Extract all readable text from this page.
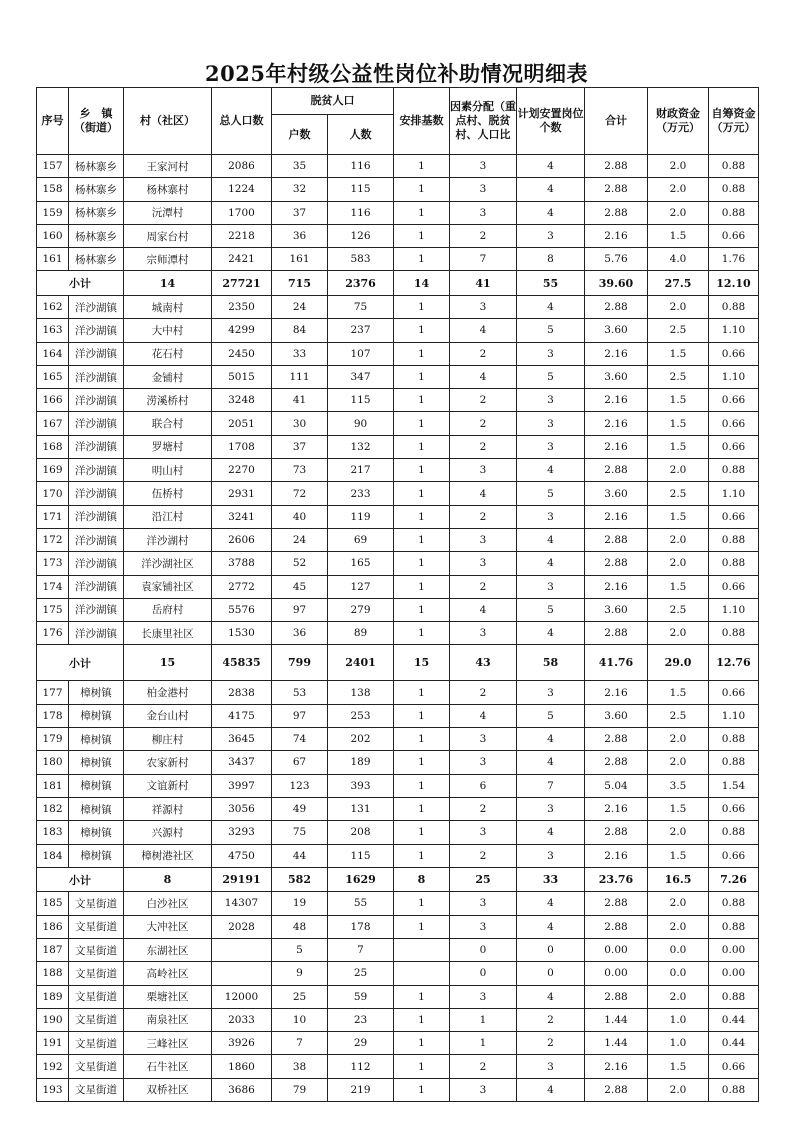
2025年村级公益性岗位补助情况明细表
序号	乡　镇（街道）	村（社区）	总人口数	脱贫人口		安排基数	因素分配（重点村、脱贫村、人口比	计划安置岗位个数	合计	财政资金（万元）	自筹资金（万元）
				户数	人数						
157	杨林寨乡	王家河村	2086	35	116	1	3	4	2.88	2.0	0.88
158	杨林寨乡	杨林寨村	1224	32	115	1	3	4	2.88	2.0	0.88
159	杨林寨乡	沅潭村	1700	37	116	1	3	4	2.88	2.0	0.88
160	杨林寨乡	周家台村	2218	36	126	1	2	3	2.16	1.5	0.66
161	杨林寨乡	宗师潭村	2421	161	583	1	7	8	5.76	4.0	1.76
小计		14	27721	715	2376	14	41	55	39.60	27.5	12.10
162	洋沙湖镇	城南村	2350	24	75	1	3	4	2.88	2.0	0.88
163	洋沙湖镇	大中村	4299	84	237	1	4	5	3.60	2.5	1.10
164	洋沙湖镇	花石村	2450	33	107	1	2	3	2.16	1.5	0.66
165	洋沙湖镇	金铺村	5015	111	347	1	4	5	3.60	2.5	1.10
166	洋沙湖镇	涝溪桥村	3248	41	115	1	2	3	2.16	1.5	0.66
167	洋沙湖镇	联合村	2051	30	90	1	2	3	2.16	1.5	0.66
168	洋沙湖镇	罗塘村	1708	37	132	1	2	3	2.16	1.5	0.66
169	洋沙湖镇	明山村	2270	73	217	1	3	4	2.88	2.0	0.88
170	洋沙湖镇	伍桥村	2931	72	233	1	4	5	3.60	2.5	1.10
171	洋沙湖镇	沿江村	3241	40	119	1	2	3	2.16	1.5	0.66
172	洋沙湖镇	洋沙湖村	2606	24	69	1	3	4	2.88	2.0	0.88
173	洋沙湖镇	洋沙湖社区	3788	52	165	1	3	4	2.88	2.0	0.88
174	洋沙湖镇	袁家铺社区	2772	45	127	1	2	3	2.16	1.5	0.66
175	洋沙湖镇	岳府村	5576	97	279	1	4	5	3.60	2.5	1.10
176	洋沙湖镇	长康里社区	1530	36	89	1	3	4	2.88	2.0	0.88
小计		15	45835	799	2401	15	43	58	41.76	29.0	12.76
177	樟树镇	柏金港村	2838	53	138	1	2	3	2.16	1.5	0.66
178	樟树镇	金台山村	4175	97	253	1	4	5	3.60	2.5	1.10
179	樟树镇	柳庄村	3645	74	202	1	3	4	2.88	2.0	0.88
180	樟树镇	农家新村	3437	67	189	1	3	4	2.88	2.0	0.88
181	樟树镇	文谊新村	3997	123	393	1	6	7	5.04	3.5	1.54
182	樟树镇	祥源村	3056	49	131	1	2	3	2.16	1.5	0.66
183	樟树镇	兴源村	3293	75	208	1	3	4	2.88	2.0	0.88
184	樟树镇	樟树港社区	4750	44	115	1	2	3	2.16	1.5	0.66
小计		8	29191	582	1629	8	25	33	23.76	16.5	7.26
185	文星街道	白沙社区	14307	19	55	1	3	4	2.88	2.0	0.88
186	文星街道	大冲社区	2028	48	178	1	3	4	2.88	2.0	0.88
187	文星街道	东湖社区		5	7		0	0	0.00	0.0	0.00
188	文星街道	高岭社区		9	25		0	0	0.00	0.0	0.00
189	文星街道	栗塘社区	12000	25	59	1	3	4	2.88	2.0	0.88
190	文星街道	南泉社区	2033	10	23	1	1	2	1.44	1.0	0.44
191	文星街道	三峰社区	3926	7	29	1	1	2	1.44	1.0	0.44
192	文星街道	石牛社区	1860	38	112	1	2	3	2.16	1.5	0.66
193	文星街道	双桥社区	3686	79	219	1	3	4	2.88	2.0	0.88
